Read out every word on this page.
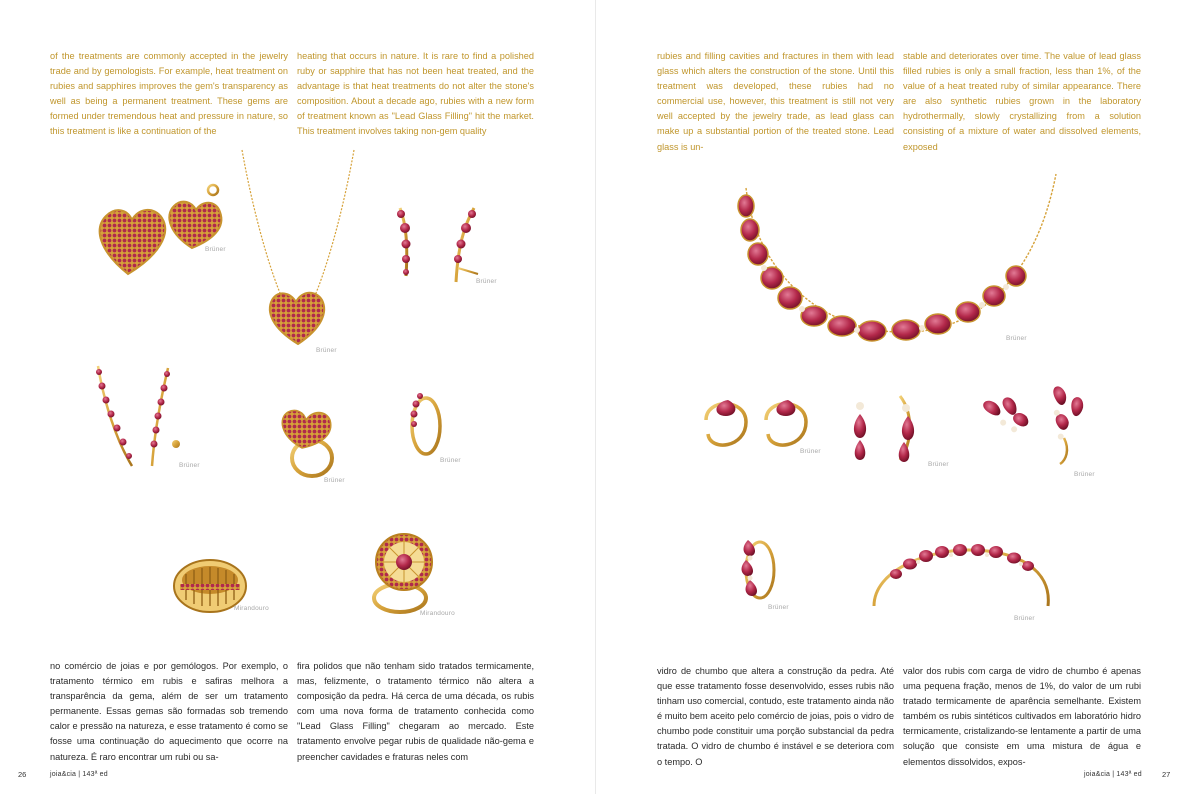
of the treatments are commonly accepted in the jewelry trade and by gemologists. For example, heat treatment on rubies and sapphires improves the gem's transparency as well as being a permanent treatment. These gems are formed under tremendous heat and pressure in nature, so this treatment is like a continuation of the

heating that occurs in nature. It is rare to find a polished ruby or sapphire that has not been heat treated, and the advantage is that heat treatments do not alter the stone's composition. About a decade ago, rubies with a new form of treatment known as "Lead Glass Filling" hit the market. This treatment involves taking non-gem quality

Brüner
Brüner
Brüner
Brüner
Brüner
Brüner
Mirandouro
Mirandouro

no comércio de joias e por gemólogos. Por exemplo, o tratamento térmico em rubis e safiras melhora a transparência da gema, além de ser um tratamento permanente. Essas gemas são formadas sob tremendo calor e pressão na natureza, e esse tratamento é como se fosse uma continuação do aquecimento que ocorre na natureza. É raro encontrar um rubi ou sa-

fira polidos que não tenham sido tratados termicamente, mas, felizmente, o tratamento térmico não altera a composição da pedra. Há cerca de uma década, os rubis com uma nova forma de tratamento conhecida como "Lead Glass Filling" chegaram ao mercado. Este tratamento envolve pegar rubis de qualidade não-gema e preencher cavidades e fraturas neles com

26	joia&cia | 143ª ed

rubies and filling cavities and fractures in them with lead glass which alters the construction of the stone. Until this treatment was developed, these rubies had no commercial use, however, this treatment is still not very well accepted by the jewelry trade, as lead glass can make up a substantial portion of the treated stone. Lead glass is un-

stable and deteriorates over time. The value of lead glass filled rubies is only a small fraction, less than 1%, of the value of a heat treated ruby of similar appearance. There are also synthetic rubies grown in the laboratory hydrothermally, slowly crystallizing from a solution consisting of a mixture of water and dissolved elements, exposed

Brüner
Brüner
Brüner
Brüner
Brüner
Brüner

vidro de chumbo que altera a construção da pedra. Até que esse tratamento fosse desenvolvido, esses rubis não tinham uso comercial, contudo, este tratamento ainda não é muito bem aceito pelo comércio de joias, pois o vidro de chumbo pode constituir uma porção substancial da pedra tratada. O vidro de chumbo é instável e se deteriora com o tempo. O

valor dos rubis com carga de vidro de chumbo é apenas uma pequena fração, menos de 1%, do valor de um rubi tratado termicamente de aparência semelhante. Existem também os rubis sintéticos cultivados em laboratório hidro termicamente, cristalizando-se lentamente a partir de uma solução que consiste em uma mistura de água e elementos dissolvidos, expos-

joia&cia | 143ª ed	27
